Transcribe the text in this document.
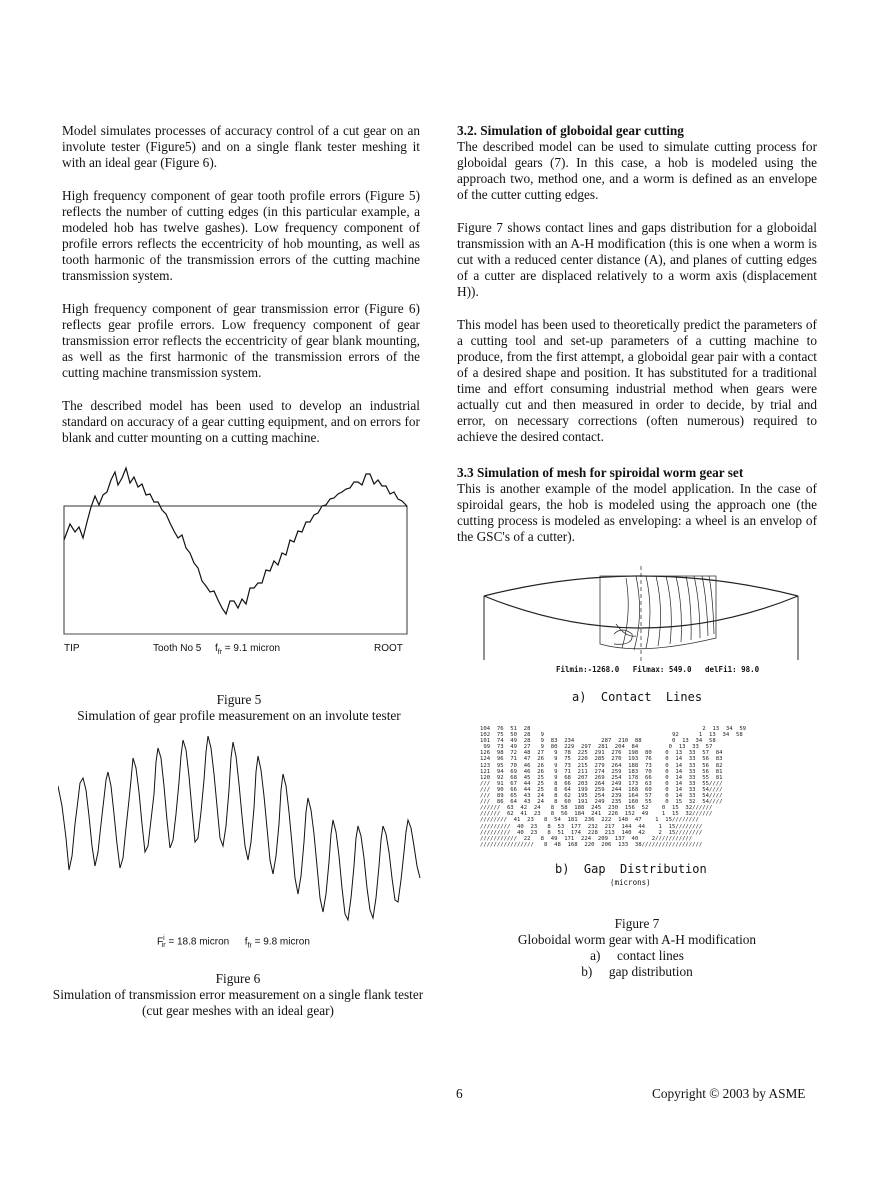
Model simulates processes of accuracy control of a cut gear on an involute tester (Figure5) and on a single flank tester meshing it with an ideal gear (Figure 6).

High frequency component of gear tooth profile errors (Figure 5) reflects the number of cutting edges (in this particular example, a modeled hob has twelve gashes). Low frequency component of profile errors reflects the eccentricity of hob mounting, as well as tooth harmonic of the transmission errors of the cutting machine transmission system.

High frequency component of gear transmission error (Figure 6) reflects gear profile errors. Low frequency component of gear transmission error reflects the eccentricity of gear blank mounting, as well as the first harmonic of the transmission errors of the cutting machine transmission system.

The described model has been used to develop an industrial standard on accuracy of a gear cutting equipment, and on errors for blank and cutter mounting on a cutting machine.

TIP	Tooth No 5 $f_{fr} = 9.1$ micron	ROOT
Figure 5
Simulation of gear profile measurement on an involute tester
$F^i_{ir} = 18.8$ micron $f_{fr} = 9.8$ micron
Figure 6
Simulation of transmission error measurement on a single flank tester (cut gear meshes with an ideal gear)
3.2. Simulation of globoidal gear cutting

The described model can be used to simulate cutting process for globoidal gears (7). In this case, a hob is modeled using the approach two, method one, and a worm is defined as an envelope of the cutter cutting edges.

Figure 7 shows contact lines and gaps distribution for a globoidal transmission with an A-H modification (this is one when a worm is cut with a reduced center distance (A), and planes of cutting edges of a cutter are displaced relatively to a worm axis (displacement H)).

This model has been used to theoretically predict the parameters of a cutting tool and set-up parameters of a cutting machine to produce, from the first attempt, a globoidal gear pair with a contact of a desired shape and position. It has substituted for a traditional time and effort consuming industrial method when gears were actually cut and then measured in order to decide, by trial and error, on necessary corrections (often numerous) required to achieve the desired contact.

3.3 Simulation of mesh for spiroidal worm gear set

This is another example of the model application. In the case of spiroidal gears, the hob is modeled using the approach one (the cutting process is modeled as enveloping: a wheel is an envelop of the GSC's of a cutter).

Filmin:-1268.0 Filmax: 549.0 delFi1: 98.0
a)  Contact  Lines
104  76  51  28                                                   2  13  34  59
102  75  50  28   9                                      92      1  13  34  58
101  74  49  28   9  83  234        287  210  88         0  13  34  58
99  73  49  27   9  80  229  297  281  204  84         0  13  33  57
126  98  72  48  27   9  78  225  291  276  198  80    0  13  33  57  84
124  96  71  47  26   9  75  220  285  270  193  76    0  14  33  56  83
123  95  70  46  26   9  73  215  279  264  188  73    0  14  33  56  82
121  94  69  46  26   9  71  211  274  259  183  70    0  14  33  56  81
120  92  68  45  25   9  68  207  269  254  178  66    0  14  33  55  81
///  91  67  44  25   8  66  203  264  249  173  63    0  14  33  55////
///  90  66  44  25   8  64  199  259  244  168  60    0  14  33  54////
///  89  65  43  24   8  62  195  254  239  164  57    0  14  33  54////
///  86  64  43  24   8  60  191  249  235  160  55    0  15  32  54////
//////  63  42  24   8  58  188  245  230  156  52    0  15  32//////
//////  62  41  23   8  56  184  241  226  152  49    1  15  32//////
////////  41  23   8  54  181  236  222  148  47    1  15////////
/////////  40  23   8  53  177  232  217  144  44    1  15////////
/////////  40  23   8  51  174  228  213  140  42    2  15////////
///////////  22   8  49  171  224  209  137  40    2///////////
////////////////   8  48  168  220  206  133  38//////////////////
b)  Gap  Distribution
(microns)
Figure 7
Globoidal worm gear with A-H modification
a)     contact lines
b)     gap distribution
6	Copyright © 2003 by ASME
